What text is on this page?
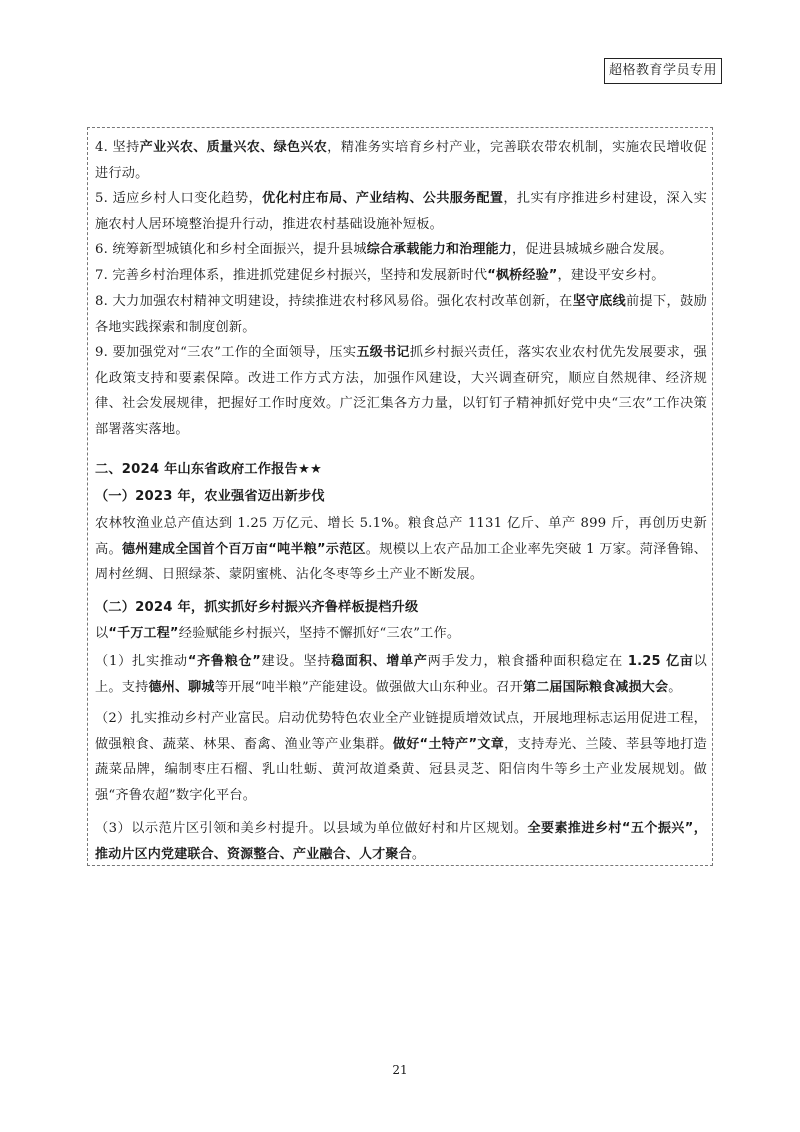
超格教育学员专用
4. 坚持产业兴农、质量兴农、绿色兴农，精准务实培育乡村产业，完善联农带农机制，实施农民增收促进行动。
5. 适应乡村人口变化趋势，优化村庄布局、产业结构、公共服务配置，扎实有序推进乡村建设，深入实施农村人居环境整治提升行动，推进农村基础设施补短板。
6. 统筹新型城镇化和乡村全面振兴，提升县城综合承载能力和治理能力，促进县城城乡融合发展。
7. 完善乡村治理体系，推进抓党建促乡村振兴，坚持和发展新时代“枫桥经验”，建设平安乡村。
8. 大力加强农村精神文明建设，持续推进农村移风易俗。强化农村改革创新，在坚守底线前提下，鼓励各地实践探索和制度创新。
9. 要加强党对“三农”工作的全面领导，压实五级书记抓乡村振兴责任，落实农业农村优先发展要求，强化政策支持和要素保障。改进工作方式方法，加强作风建设，大兴调查研究，顺应自然规律、经济规律、社会发展规律，把握好工作时度效。广泛汇集各方力量，以钉钉子精神抓好党中央“三农”工作决策部署落实落地。
二、2024 年山东省政府工作报告★★
（一）2023 年，农业强省迈出新步伐
农林牧渔业总产值达到 1.25 万亿元、增长 5.1%。粮食总产 1131 亿斤、单产 899 斤，再创历史新高。德州建成全国首个百万亩“吨半粮”示范区。规模以上农产品加工企业率先突破 1 万家。菏泽鲁锦、周村丝绸、日照绿茶、蒙阴蜜桃、沾化冬枣等乡土产业不断发展。
（二）2024 年，抓实抓好乡村振兴齐鲁样板提档升级
以“千万工程”经验赋能乡村振兴，坚持不懈抓好“三农”工作。
（1）扎实推动“齐鲁粮仓”建设。坚持稳面积、增单产两手发力，粮食播种面积稳定在 1.25 亿亩以上。支持德州、聊城等开展“吨半粮”产能建设。做强做大山东种业。召开第二届国际粮食减损大会。
（2）扎实推动乡村产业富民。启动优势特色农业全产业链提质增效试点，开展地理标志运用促进工程，做强粮食、蔬菜、林果、畜禽、渔业等产业集群。做好“土特产”文章，支持寿光、兰陵、莘县等地打造蔬菜品牌，编制枣庄石榴、乳山牡蛎、黄河故道桑黄、冠县灵芝、阳信肉牛等乡土产业发展规划。做强“齐鲁农超”数字化平台。
（3）以示范片区引领和美乡村提升。以县域为单位做好村和片区规划。全要素推进乡村“五个振兴”，推动片区内党建联合、资源整合、产业融合、人才聚合。
21
